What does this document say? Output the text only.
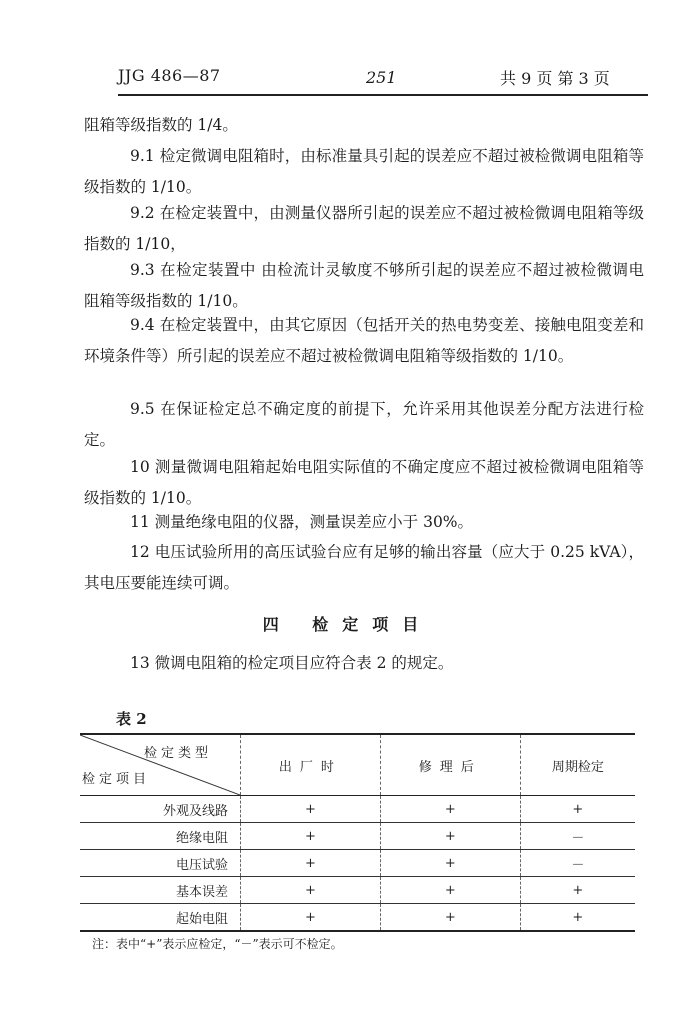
JJG 486—87	251	共 9 页 第 3 页

阻箱等级指数的 1/4。

9.1 检定微调电阻箱时，由标准量具引起的误差应不超过被检微调电阻箱等级指数的 1/10。

9.2 在检定装置中，由测量仪器所引起的误差应不超过被检微调电阻箱等级指数的 1/10，

9.3 在检定装置中 由检流计灵敏度不够所引起的误差应不超过被检微调电阻箱等级指数的 1/10。

9.4 在检定装置中，由其它原因（包括开关的热电势变差、接触电阻变差和环境条件等）所引起的误差应不超过被检微调电阻箱等级指数的 1/10。

9.5 在保证检定总不确定度的前提下，允许采用其他误差分配方法进行检定。

10 测量微调电阻箱起始电阻实际值的不确定度应不超过被检微调电阻箱等级指数的 1/10。

11 测量绝缘电阻的仪器，测量误差应小于 30%。

12 电压试验所用的高压试验台应有足够的输出容量（应大于 0.25 kVA），其电压要能连续可调。

四 检定项目

13 微调电阻箱的检定项目应符合表 2 的规定。

表 2
检定类型
检定项目	出厂时	修理后	周期检定
外观及线路	+	+	+
绝缘电阻	+	+	－
电压试验	+	+	－
基本误差	+	+	+
起始电阻	+	+	+
注：表中“+”表示应检定，“－”表示可不检定。
